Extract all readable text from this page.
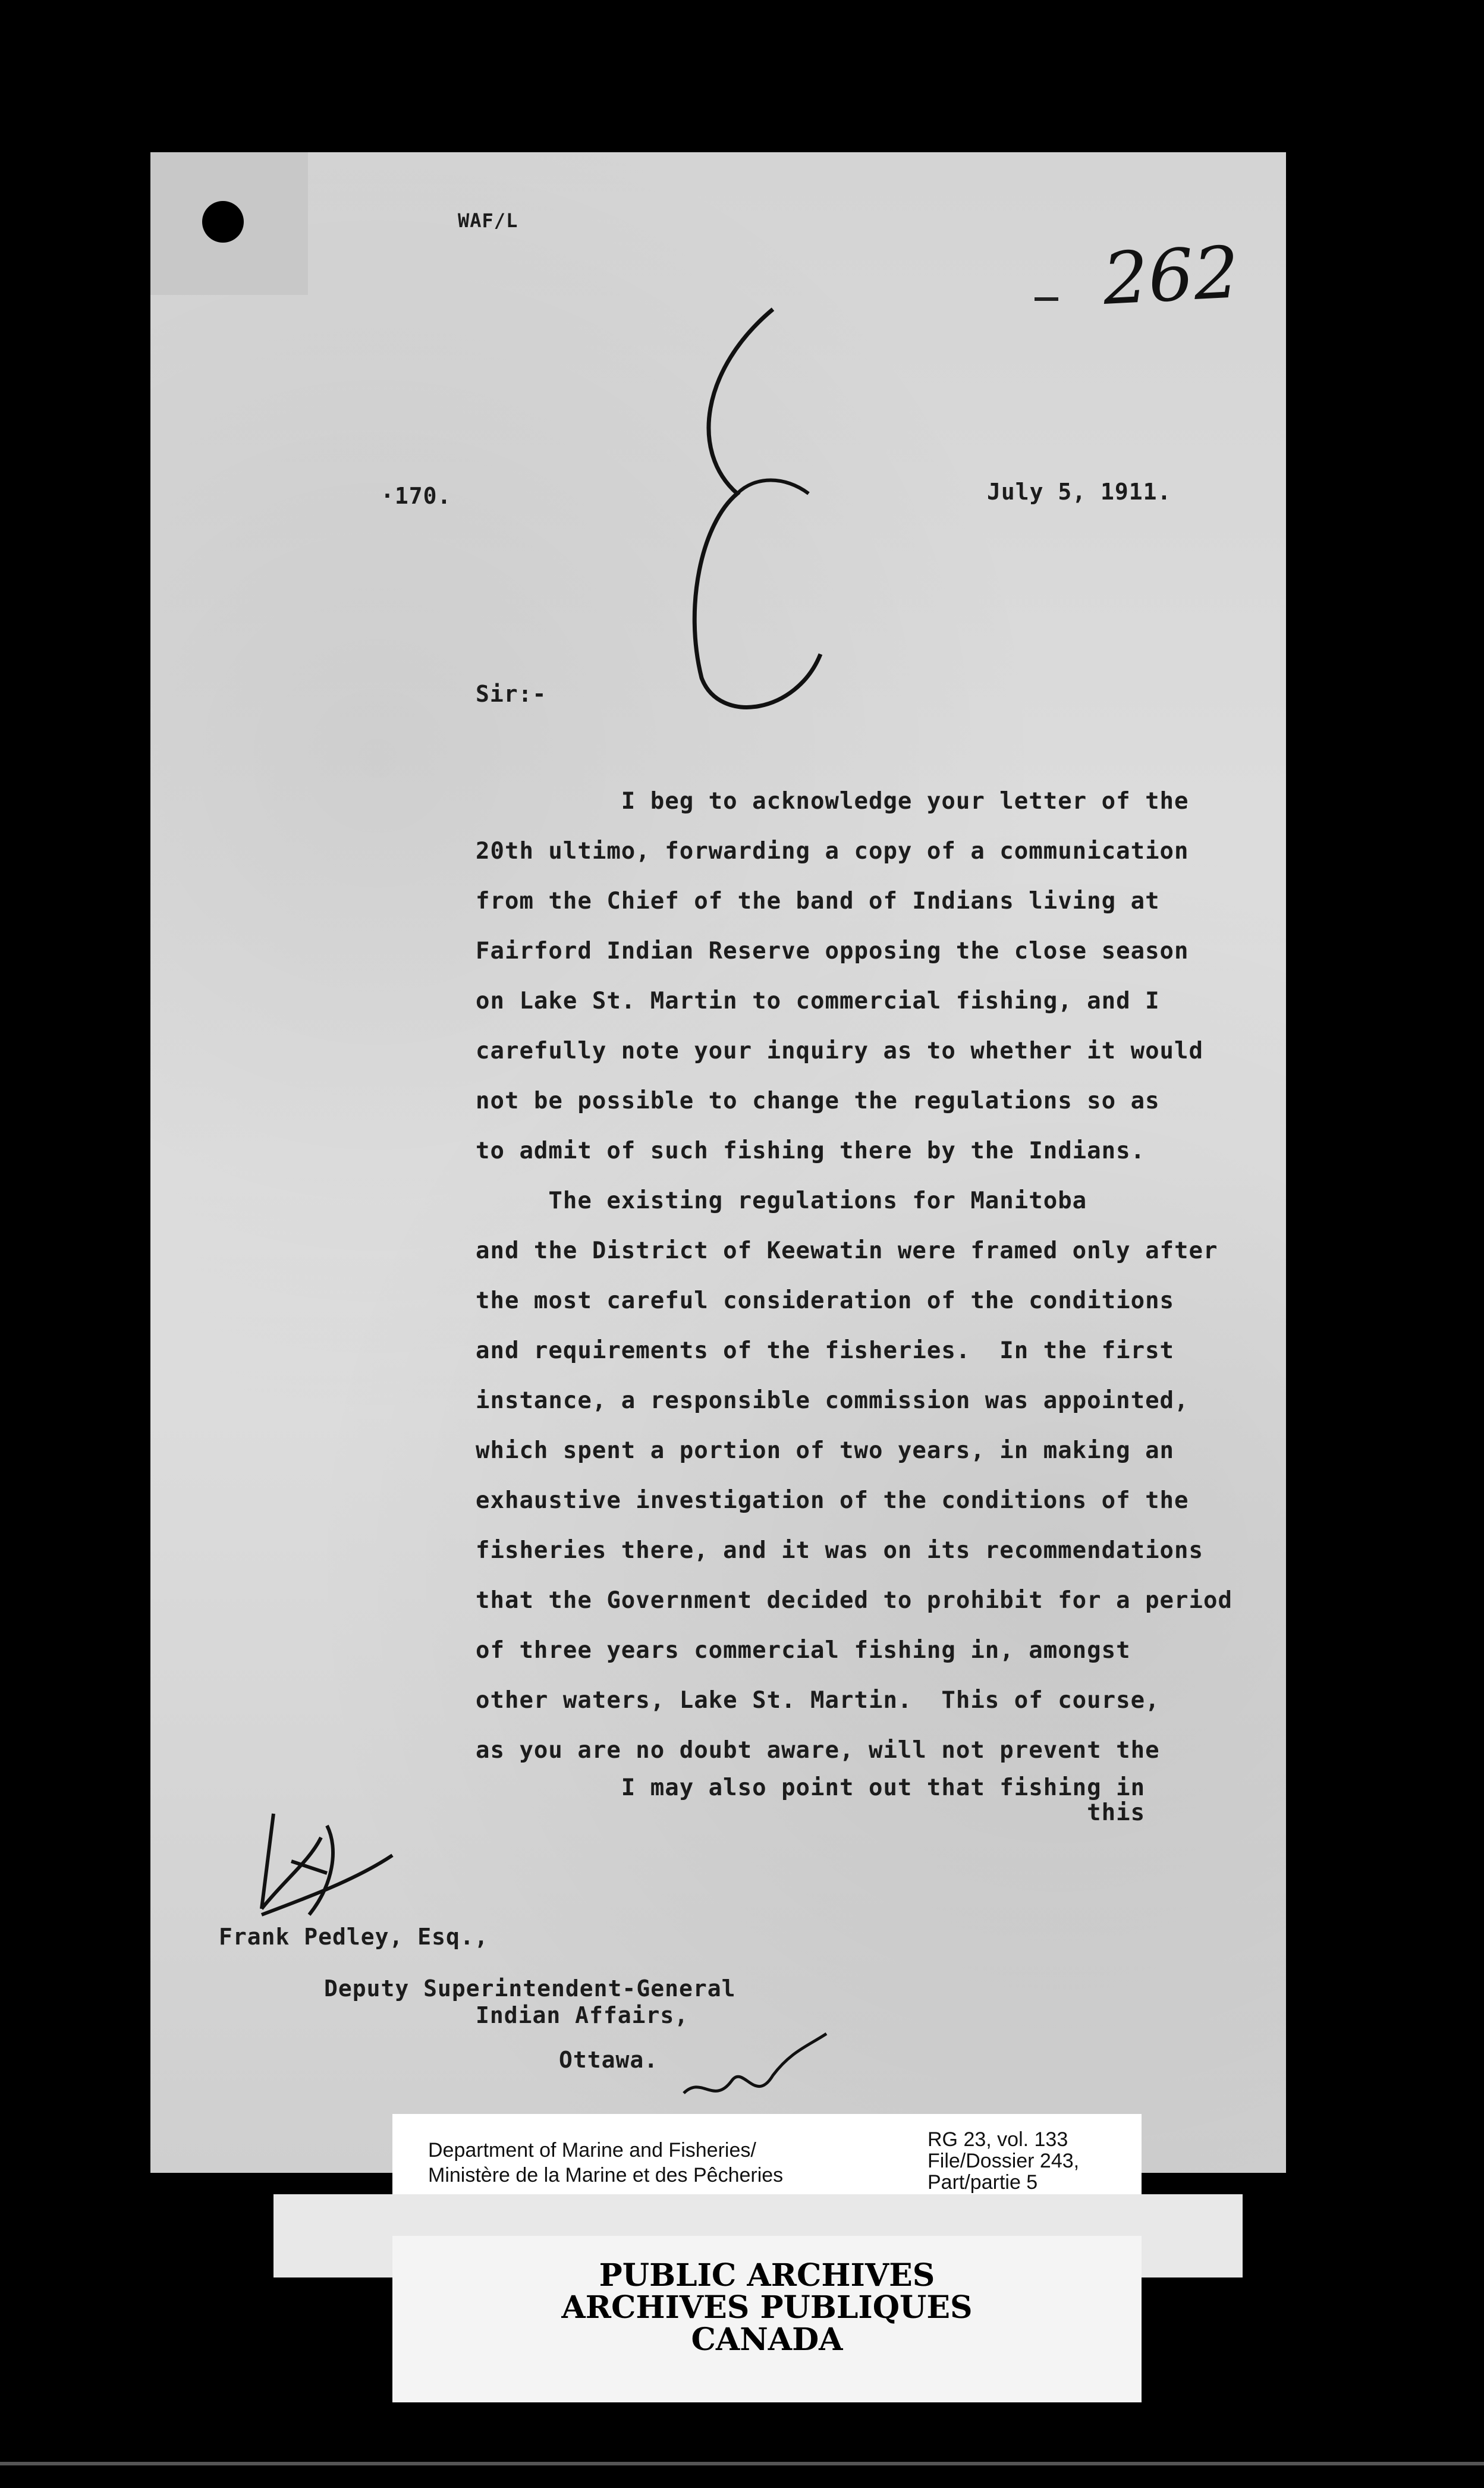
WAF/L
262
·170.	July 5, 1911.
Sir:-

I beg to acknowledge your letter of the
20th ultimo, forwarding a copy of a communication
from the Chief of the band of Indians living at
Fairford Indian Reserve opposing the close season
on Lake St. Martin to commercial fishing, and I
carefully note your inquiry as to whether it would
not be possible to change the regulations so as
to admit of such fishing there by the Indians.

The existing regulations for Manitoba
and the District of Keewatin were framed only after
the most careful consideration of the conditions
and requirements of the fisheries.  In the first
instance, a responsible commission was appointed,
which spent a portion of two years, in making an
exhaustive investigation of the conditions of the
fisheries there, and it was on its recommendations
that the Government decided to prohibit for a period
of three years commercial fishing in, amongst
other waters, Lake St. Martin.  This of course,
as you are no doubt aware, will not prevent the

I may also point out that fishing in
this

Frank Pedley, Esq.,
Deputy Superintendent-General
Indian Affairs,
Ottawa.
Department of Marine and Fisheries/
Ministère de la Marine et des Pêcheries
RG 23, vol. 133
File/Dossier 243,
Part/partie 5
PUBLIC ARCHIVES
ARCHIVES PUBLIQUES
CANADA
